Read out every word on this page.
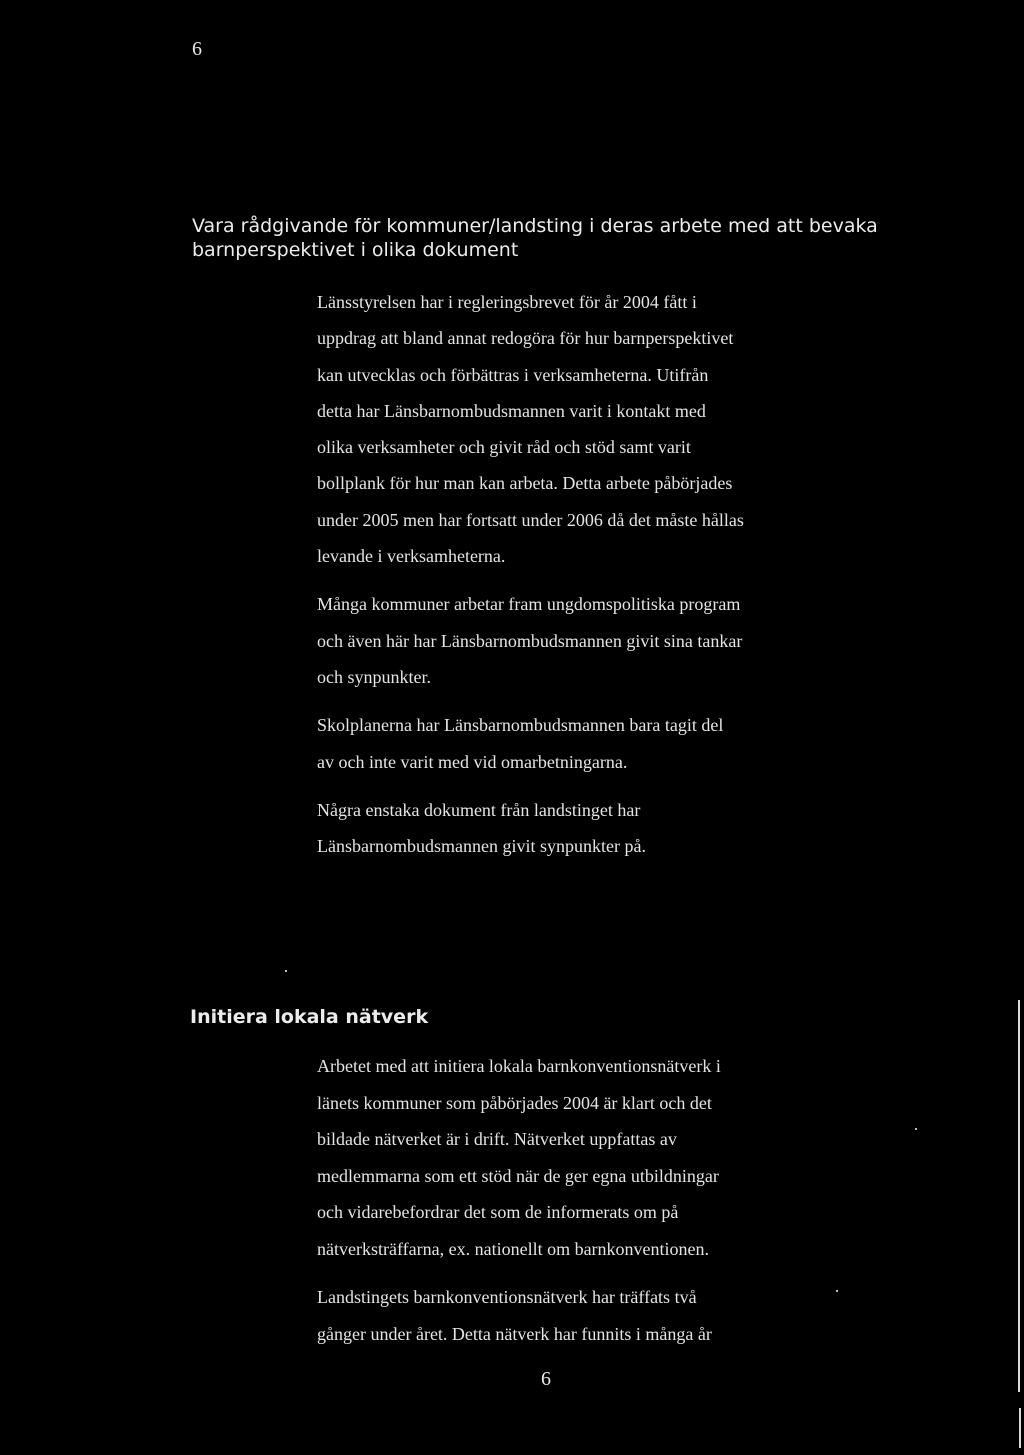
6
Vara rådgivande för kommuner/landsting i deras arbete med att bevaka
barnperspektivet i olika dokument

Länsstyrelsen har i regleringsbrevet för år 2004 fått i
uppdrag att bland annat redogöra för hur barnperspektivet
kan utvecklas och förbättras i verksamheterna. Utifrån
detta har Länsbarnombudsmannen varit i kontakt med
olika verksamheter och givit råd och stöd samt varit
bollplank för hur man kan arbeta. Detta arbete påbörjades
under 2005 men har fortsatt under 2006 då det måste hållas
levande i verksamheterna.

Många kommuner arbetar fram ungdomspolitiska program
och även här har Länsbarnombudsmannen givit sina tankar
och synpunkter.

Skolplanerna har Länsbarnombudsmannen bara tagit del
av och inte varit med vid omarbetningarna.

Några enstaka dokument från landstinget har
Länsbarnombudsmannen givit synpunkter på.

Initiera lokala nätverk

Arbetet med att initiera lokala barnkonventionsnätverk i
länets kommuner som påbörjades 2004 är klart och det
bildade nätverket är i drift. Nätverket uppfattas av
medlemmarna som ett stöd när de ger egna utbildningar
och vidarebefordrar det som de informerats om på
nätverksträffarna, ex. nationellt om barnkonventionen.

Landstingets barnkonventionsnätverk har träffats två
gånger under året. Detta nätverk har funnits i många år

6
